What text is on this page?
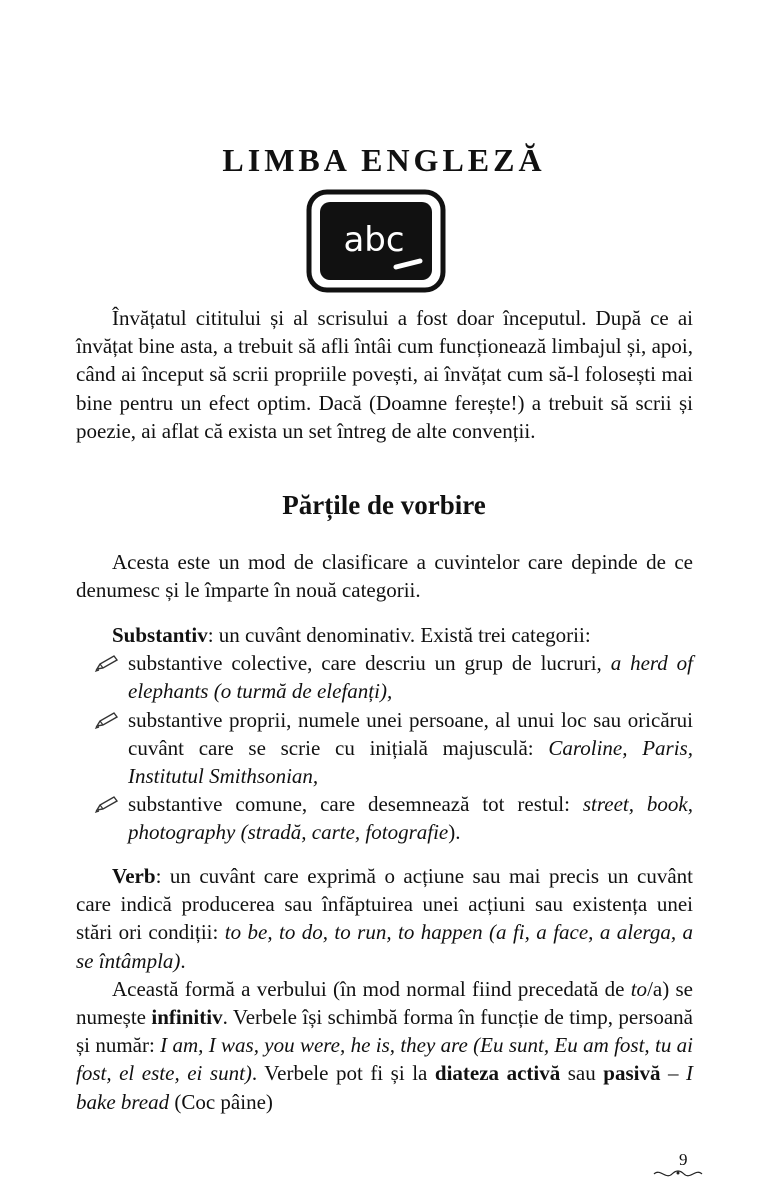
LIMBA ENGLEZĂ
abc

Învățatul cititului și al scrisului a fost doar începutul. După ce ai învățat bine asta, a trebuit să afli întâi cum funcționează limbajul și, apoi, când ai început să scrii propriile povești, ai învățat cum să-l folosești mai bine pentru un efect optim. Dacă (Doamne ferește!) a trebuit să scrii și poezie, ai aflat că exista un set întreg de alte convenții.

Părțile de vorbire

Acesta este un mod de clasificare a cuvintelor care depinde de ce denumesc și le împarte în nouă categorii.

Substantiv: un cuvânt denominativ. Există trei categorii:

substantive colective, care descriu un grup de lucruri, a herd of elephants (o turmă de elefanți),
substantive proprii, numele unei persoane, al unui loc sau oricărui cuvânt care se scrie cu inițială majusculă: Caroline, Paris, Institutul Smithsonian,
substantive comune, care desemnează tot restul: street, book, photography (stradă, carte, fotografie).

Verb: un cuvânt care exprimă o acțiune sau mai precis un cuvânt care indică producerea sau înfăptuirea unei acțiuni sau existența unei stări ori condiții: to be, to do, to run, to happen (a fi, a face, a alerga, a se întâmpla).

Această formă a verbului (în mod normal fiind precedată de to/a) se numește infinitiv. Verbele își schimbă forma în funcție de timp, persoană și număr: I am, I was, you were, he is, they are (Eu sunt, Eu am fost, tu ai fost, el este, ei sunt). Verbele pot fi și la diateza activă sau pasivă – I bake bread (Coc pâine)

9
